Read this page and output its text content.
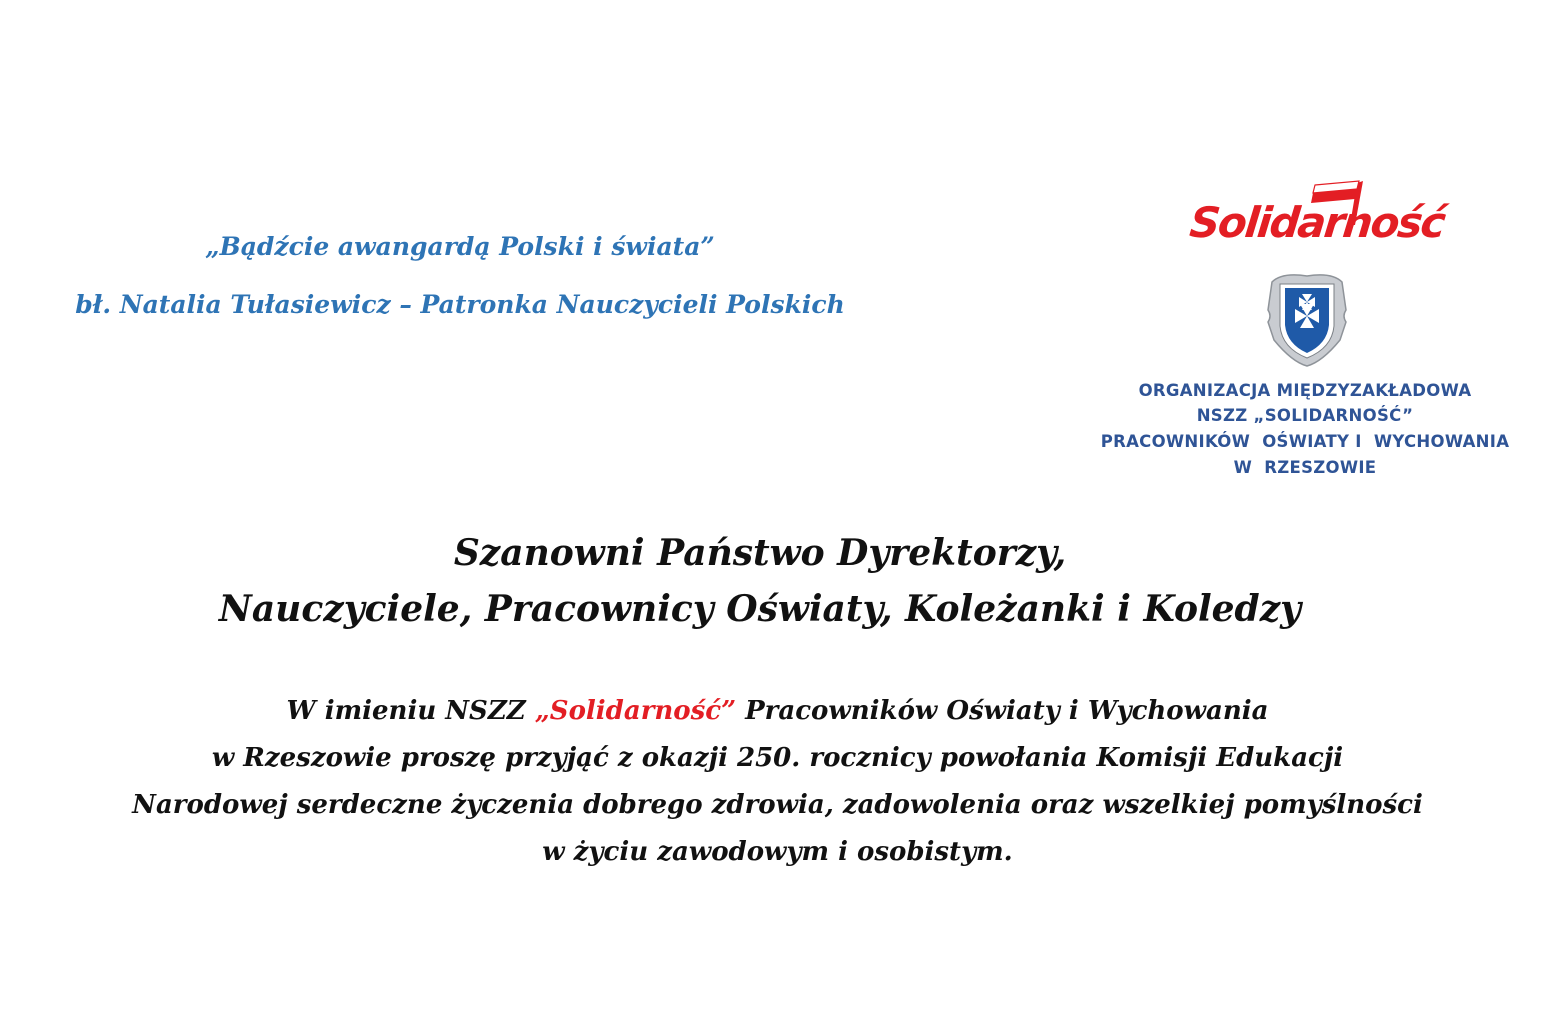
„Bądźcie awangardą Polski i świata”
bł. Natalia Tułasiewicz – Patronka Nauczycieli Polskich
Solidarność
ORGANIZACJA MIĘDZYZAKŁADOWA
NSZZ „SOLIDARNOŚĆ”
PRACOWNIKÓW  OŚWIATY I  WYCHOWANIA
W  RZESZOWIE
Szanowni Państwo Dyrektorzy,
Nauczyciele, Pracownicy Oświaty, Koleżanki i Koledzy
W imieniu NSZZ „Solidarność” Pracowników Oświaty i Wychowania
w Rzeszowie proszę przyjąć z okazji 250. rocznicy powołania Komisji Edukacji
Narodowej serdeczne życzenia dobrego zdrowia, zadowolenia oraz wszelkiej pomyślności
w życiu zawodowym i osobistym.
